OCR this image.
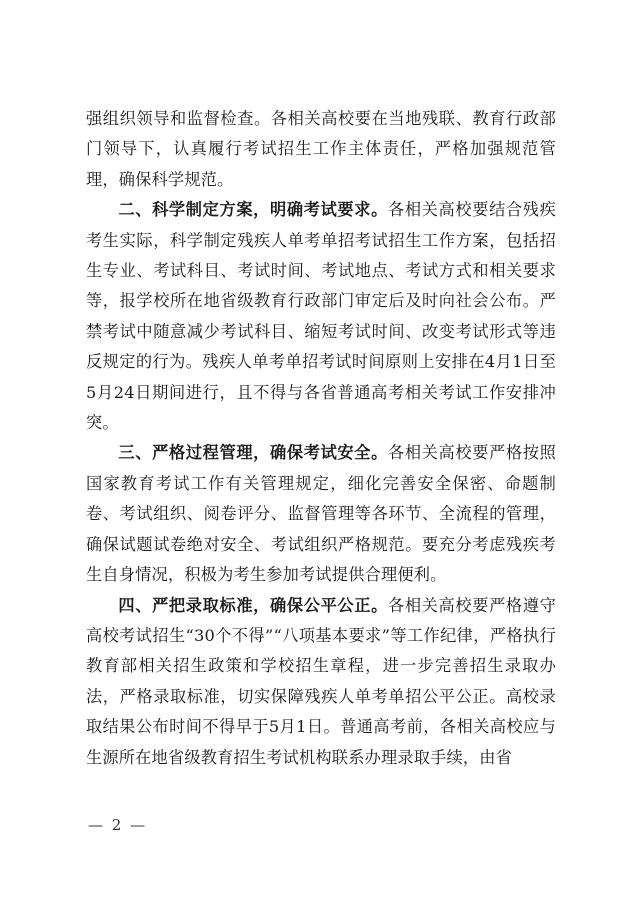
强组织领导和监督检查。各相关高校要在当地残联、教育行政部门领导下，认真履行考试招生工作主体责任，严格加强规范管理，确保科学规范。

二、科学制定方案，明确考试要求。各相关高校要结合残疾考生实际，科学制定残疾人单考单招考试招生工作方案，包括招生专业、考试科目、考试时间、考试地点、考试方式和相关要求等，报学校所在地省级教育行政部门审定后及时向社会公布。严禁考试中随意减少考试科目、缩短考试时间、改变考试形式等违反规定的行为。残疾人单考单招考试时间原则上安排在4月1日至5月24日期间进行，且不得与各省普通高考相关考试工作安排冲突。

三、严格过程管理，确保考试安全。各相关高校要严格按照国家教育考试工作有关管理规定，细化完善安全保密、命题制卷、考试组织、阅卷评分、监督管理等各环节、全流程的管理，确保试题试卷绝对安全、考试组织严格规范。要充分考虑残疾考生自身情况，积极为考生参加考试提供合理便利。

四、严把录取标准，确保公平公正。各相关高校要严格遵守高校考试招生“30个不得”“八项基本要求”等工作纪律，严格执行教育部相关招生政策和学校招生章程，进一步完善招生录取办法，严格录取标准，切实保障残疾人单考单招公平公正。高校录取结果公布时间不得早于5月1日。普通高考前，各相关高校应与生源所在地省级教育招生考试机构联系办理录取手续，由省

— 2 —
